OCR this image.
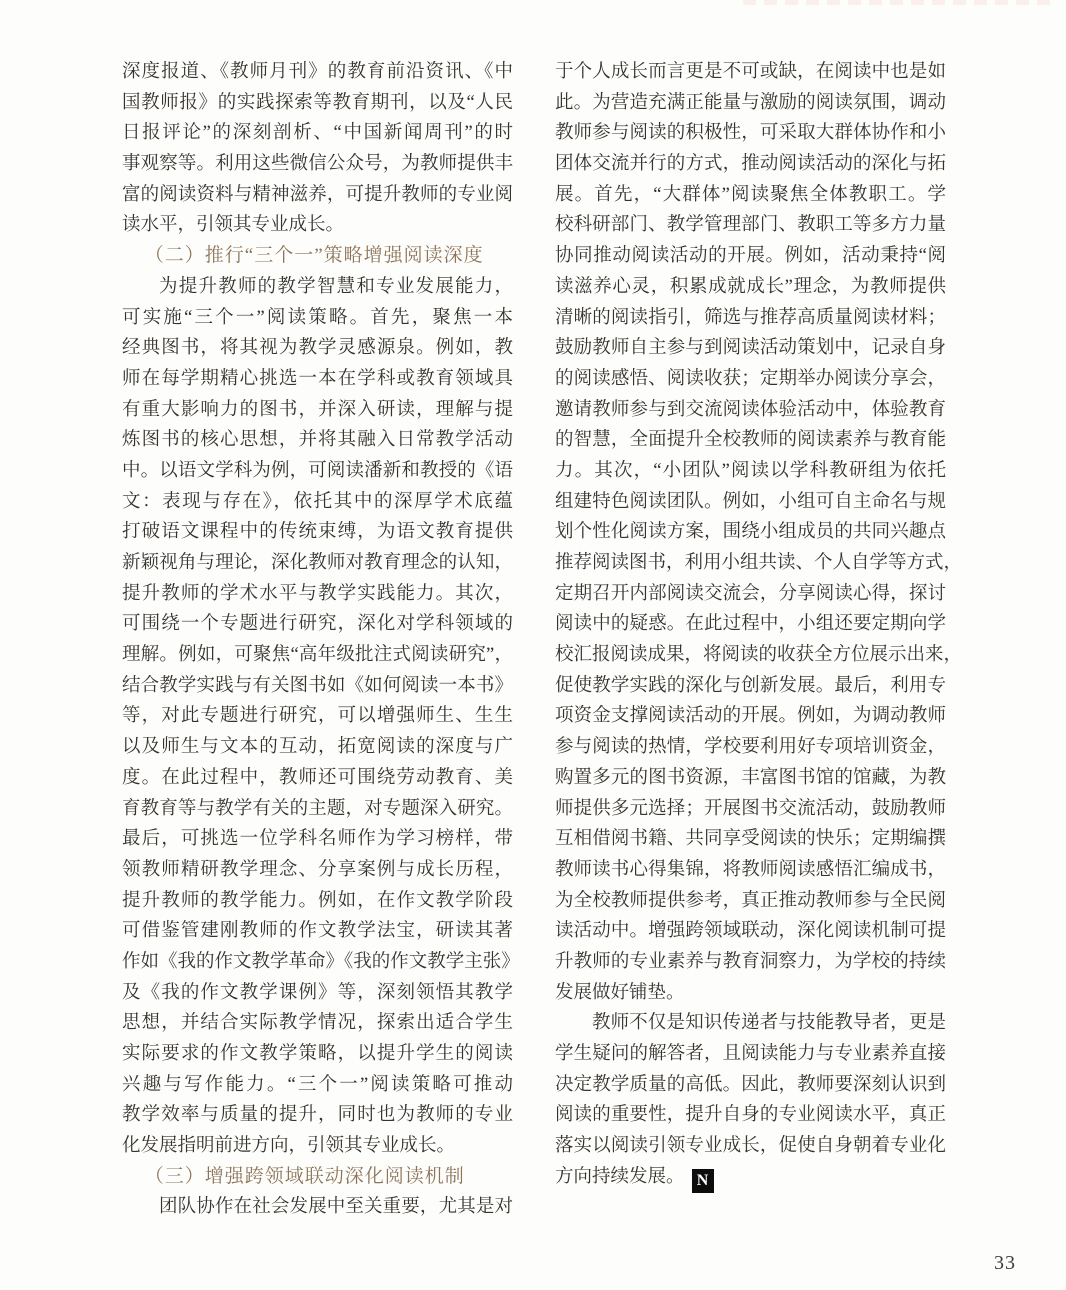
深度报道、《教师月刊》的教育前沿资讯、《中
国教师报》的实践探索等教育期刊，以及“人民
日报评论”的深刻剖析、“中国新闻周刊”的时
事观察等。利用这些微信公众号，为教师提供丰
富的阅读资料与精神滋养，可提升教师的专业阅
读水平，引领其专业成长。
（二）推行“三个一”策略增强阅读深度
为提升教师的教学智慧和专业发展能力，
可实施“三个一”阅读策略。首先，聚焦一本
经典图书，将其视为教学灵感源泉。例如，教
师在每学期精心挑选一本在学科或教育领域具
有重大影响力的图书，并深入研读，理解与提
炼图书的核心思想，并将其融入日常教学活动
中。以语文学科为例，可阅读潘新和教授的《语
文：表现与存在》，依托其中的深厚学术底蕴
打破语文课程中的传统束缚，为语文教育提供
新颖视角与理论，深化教师对教育理念的认知，
提升教师的学术水平与教学实践能力。其次，
可围绕一个专题进行研究，深化对学科领域的
理解。例如，可聚焦“高年级批注式阅读研究”，
结合教学实践与有关图书如《如何阅读一本书》
等，对此专题进行研究，可以增强师生、生生
以及师生与文本的互动，拓宽阅读的深度与广
度。在此过程中，教师还可围绕劳动教育、美
育教育等与教学有关的主题，对专题深入研究。
最后，可挑选一位学科名师作为学习榜样，带
领教师精研教学理念、分享案例与成长历程，
提升教师的教学能力。例如，在作文教学阶段
可借鉴管建刚教师的作文教学法宝，研读其著
作如《我的作文教学革命》《我的作文教学主张》
及《我的作文教学课例》等，深刻领悟其教学
思想，并结合实际教学情况，探索出适合学生
实际要求的作文教学策略，以提升学生的阅读
兴趣与写作能力。“三个一”阅读策略可推动
教学效率与质量的提升，同时也为教师的专业
化发展指明前进方向，引领其专业成长。
（三）增强跨领域联动深化阅读机制
团队协作在社会发展中至关重要，尤其是对
于个人成长而言更是不可或缺，在阅读中也是如
此。为营造充满正能量与激励的阅读氛围，调动
教师参与阅读的积极性，可采取大群体协作和小
团体交流并行的方式，推动阅读活动的深化与拓
展。首先，“大群体”阅读聚焦全体教职工。学
校科研部门、教学管理部门、教职工等多方力量
协同推动阅读活动的开展。例如，活动秉持“阅
读滋养心灵，积累成就成长”理念，为教师提供
清晰的阅读指引，筛选与推荐高质量阅读材料；
鼓励教师自主参与到阅读活动策划中，记录自身
的阅读感悟、阅读收获；定期举办阅读分享会，
邀请教师参与到交流阅读体验活动中，体验教育
的智慧，全面提升全校教师的阅读素养与教育能
力。其次，“小团队”阅读以学科教研组为依托
组建特色阅读团队。例如，小组可自主命名与规
划个性化阅读方案，围绕小组成员的共同兴趣点
推荐阅读图书，利用小组共读、个人自学等方式，
定期召开内部阅读交流会，分享阅读心得，探讨
阅读中的疑惑。在此过程中，小组还要定期向学
校汇报阅读成果，将阅读的收获全方位展示出来，
促使教学实践的深化与创新发展。最后，利用专
项资金支撑阅读活动的开展。例如，为调动教师
参与阅读的热情，学校要利用好专项培训资金，
购置多元的图书资源，丰富图书馆的馆藏，为教
师提供多元选择；开展图书交流活动，鼓励教师
互相借阅书籍、共同享受阅读的快乐；定期编撰
教师读书心得集锦，将教师阅读感悟汇编成书，
为全校教师提供参考，真正推动教师参与全民阅
读活动中。增强跨领域联动，深化阅读机制可提
升教师的专业素养与教育洞察力，为学校的持续
发展做好铺垫。
教师不仅是知识传递者与技能教导者，更是
学生疑问的解答者，且阅读能力与专业素养直接
决定教学质量的高低。因此，教师要深刻认识到
阅读的重要性，提升自身的专业阅读水平，真正
落实以阅读引领专业成长，促使自身朝着专业化
方向持续发展。 N
33
